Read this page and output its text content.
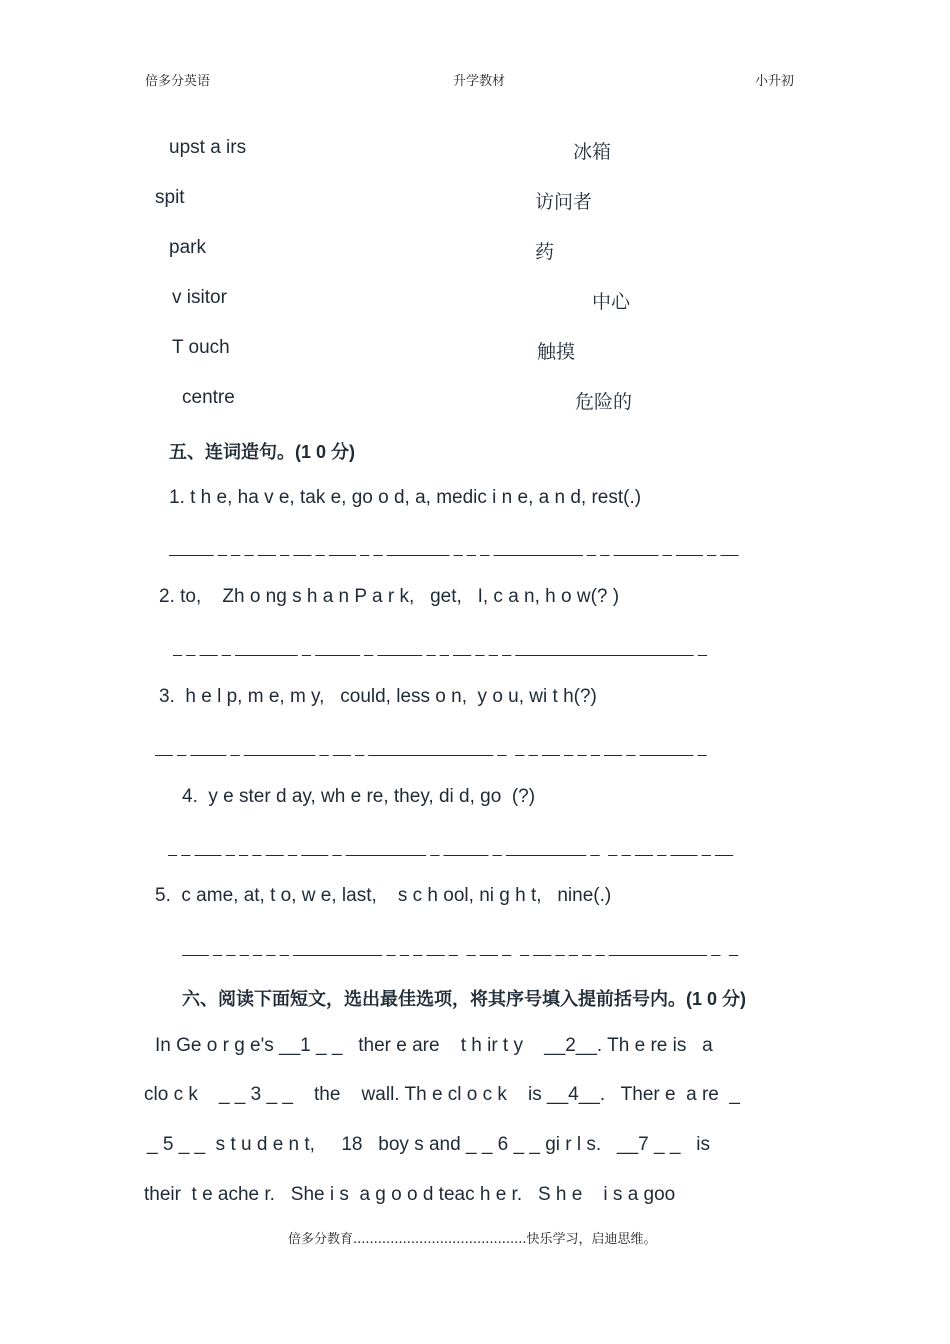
倍多分英语	升学教材	小升初
upst a irs	冰箱
spit	访问者
park	药
v isitor	中心
T ouch	触摸
centre	危险的
五、连词造句。(1 0 分)
1. t h e, ha v e, tak e, go o d, a, medic i n e, a n d, rest(.)
_____ _ _ _ __ _ __ _ ___ _ _ _______ _ _ _ __________ _ _ _____ _ ___ _ __
2. to,    Zh o ng s h a n P a r k,   get,   I, c a n, h o w(? )
_ _ __ _ _______ _ _____ _ _____ _ _ __ _ _ _ ____________________ _
3.  h e l p, m e, m y,   could, less o n,  y o u, wi t h(?)
__ _ ____ _ ________ _ __ _ ______________ _  _ _ __ _ _ _ __ _ ______ _
4.  y e ster d ay, wh e re, they, di d, go  (?)
_ _ ___ _ _ _ __ _ ___ _ _________ _ _____ _ _________ _  _ _ __ _ ___ _ __
5.  c ame, at, t o, w e, last,    s c h ool, ni g h t,   nine(.)
___ _ _ _ _ _ _ __________ _ _ _ __ _  _ __ _  _ __ _ _ _ _ ___________ _  _
六、阅读下面短文，选出最佳选项，将其序号填入提前括号内。(1 0 分)
In Ge o r g e's __1 _ _   ther e are    t h ir t y    __2__. Th e re is   a
clo c k    _ _ 3 _ _    the    wall. Th e cl o c k    is __4__.   Ther e  a re  _
_ 5 _ _  s t u d e n t,     18   boy s and _ _ 6 _ _ gi r l s.   __7 _ _   is
their  t e ache r.   She i s  a g o o d teac h e r.   S h e    i s a goo
倍多分教育..........................................快乐学习，启迪思维。
